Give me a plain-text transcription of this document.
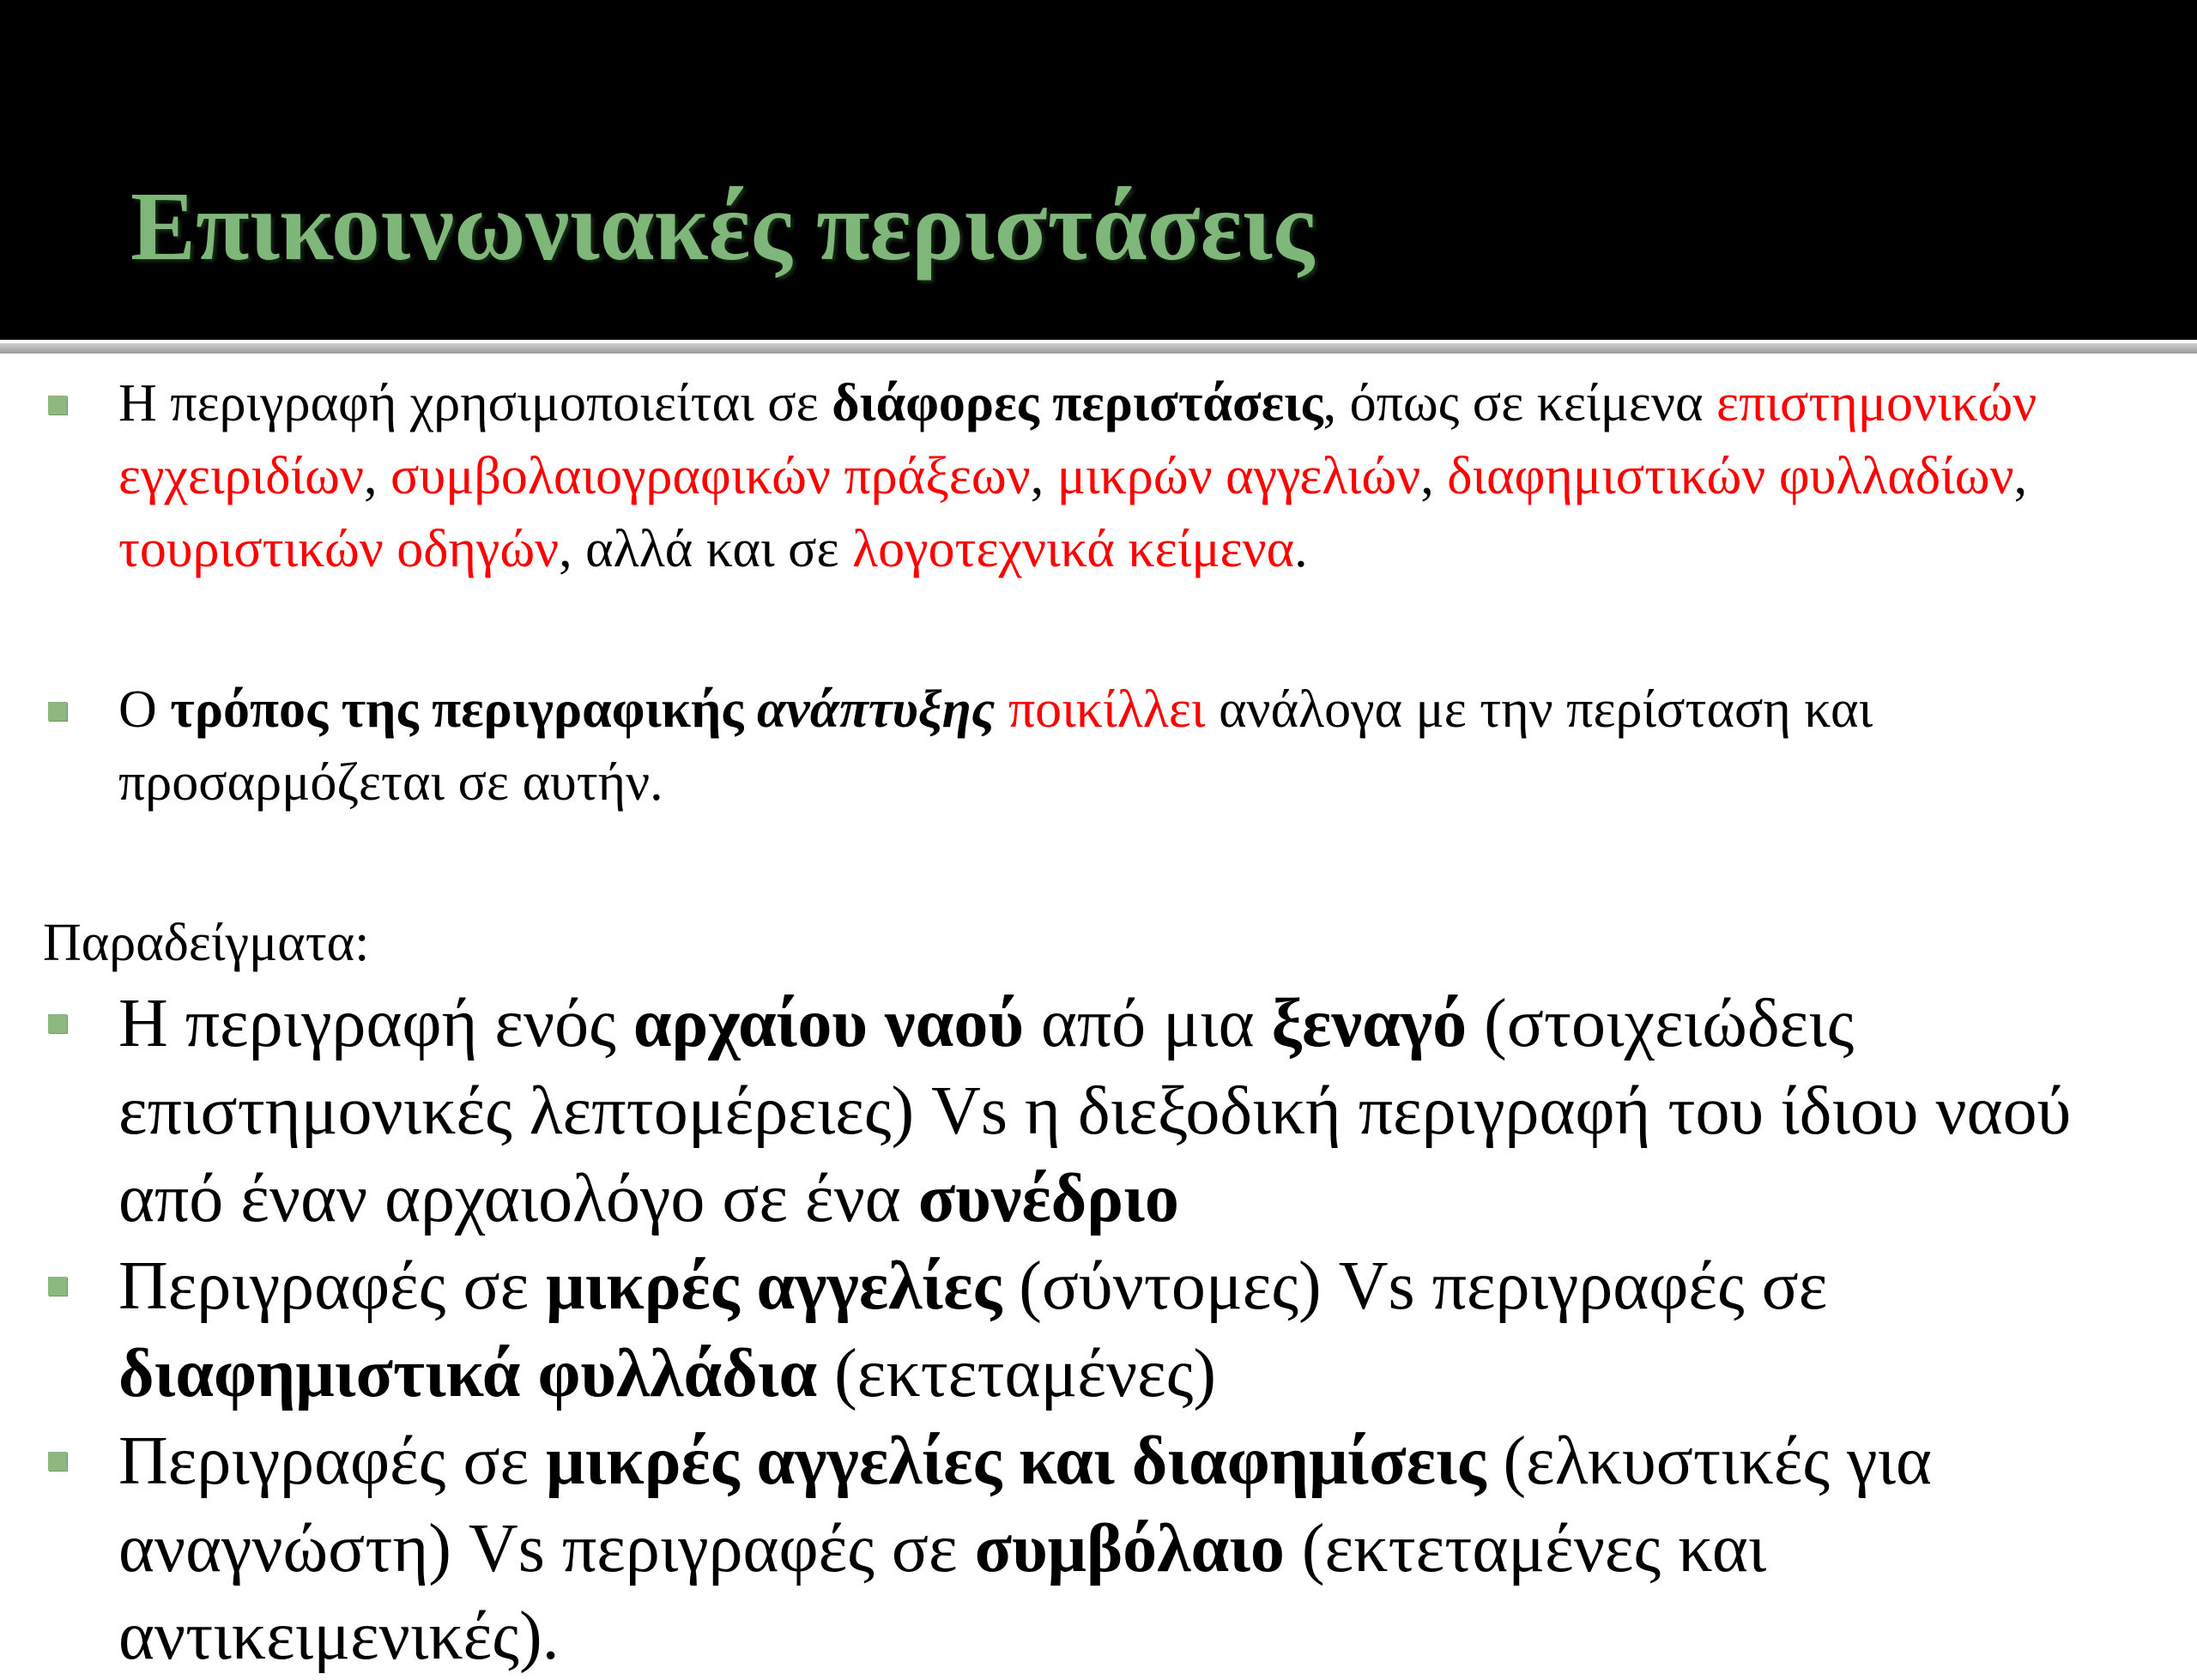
Επικοινωνιακές περιστάσεις
Η περιγραφή χρησιμοποιείται σε διάφορες περιστάσεις, όπως σε κείμενα επιστημονικών εγχειριδίων, συμβολαιογραφικών πράξεων, μικρών αγγελιών, διαφημιστικών φυλλαδίων, τουριστικών οδηγών, αλλά και σε λογοτεχνικά κείμενα.
Ο τρόπος της περιγραφικής ανάπτυξης ποικίλλει ανάλογα με την περίσταση και προσαρμόζεται σε αυτήν.
Παραδείγματα:
Η περιγραφή ενός αρχαίου ναού από μια ξεναγό (στοιχειώδεις επιστημονικές λεπτομέρειες) Vs η διεξοδική περιγραφή του ίδιου ναού από έναν αρχαιολόγο σε ένα συνέδριο
Περιγραφές σε μικρές αγγελίες (σύντομες) Vs περιγραφές σε διαφημιστικά φυλλάδια (εκτεταμένες)
Περιγραφές σε μικρές αγγελίες και διαφημίσεις (ελκυστικές για αναγνώστη) Vs περιγραφές σε συμβόλαιο (εκτεταμένες και αντικειμενικές).
